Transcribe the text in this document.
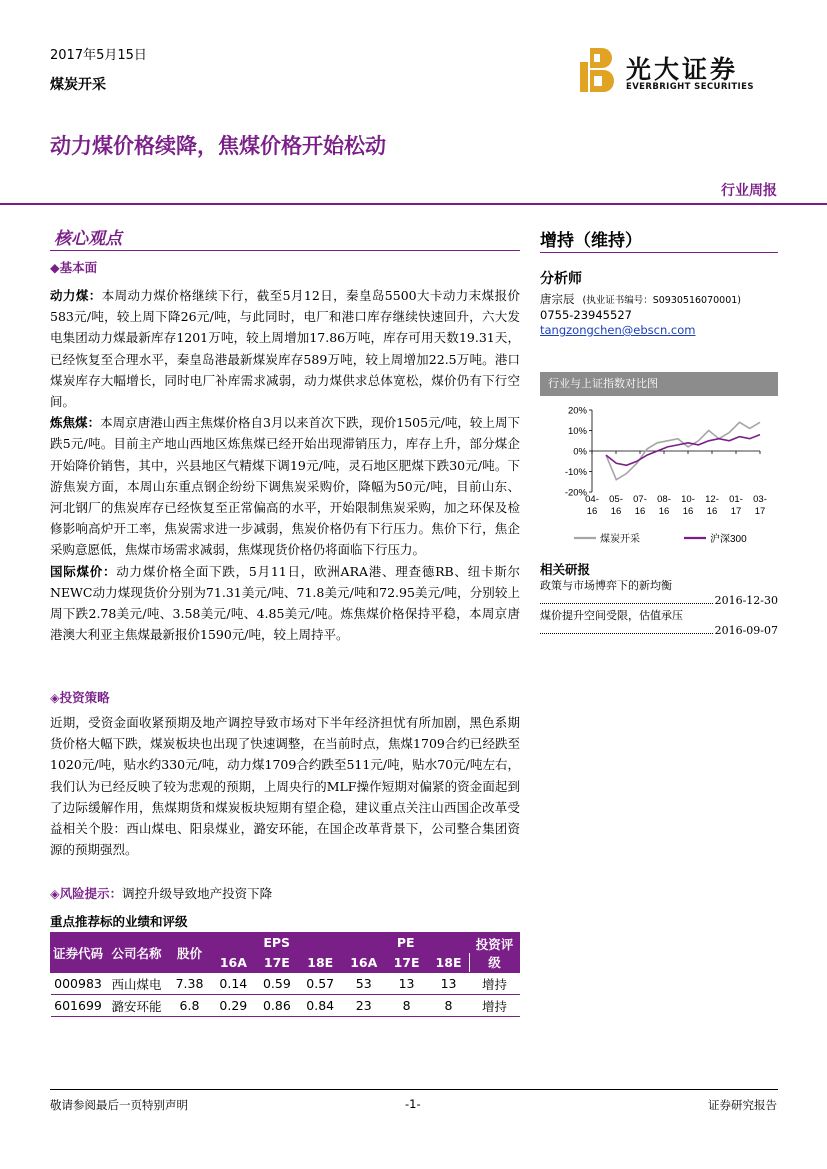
2017年5月15日
煤炭开采
光大证券
EVERBRIGHT SECURITIES
动力煤价格续降，焦煤价格开始松动
行业周报
核心观点
◆基本面

动力煤：本周动力煤价格继续下行，截至5月12日，秦皇岛5500大卡动力末煤报价583元/吨，较上周下降26元/吨，与此同时，电厂和港口库存继续快速回升，六大发电集团动力煤最新库存1201万吨，较上周增加17.86万吨，库存可用天数19.31天，已经恢复至合理水平，秦皇岛港最新煤炭库存589万吨，较上周增加22.5万吨。港口煤炭库存大幅增长，同时电厂补库需求减弱，动力煤供求总体宽松，煤价仍有下行空间。

炼焦煤：本周京唐港山西主焦煤价格自3月以来首次下跌，现价1505元/吨，较上周下跌5元/吨。目前主产地山西地区炼焦煤已经开始出现滞销压力，库存上升，部分煤企开始降价销售，其中，兴县地区气精煤下调19元/吨，灵石地区肥煤下跌30元/吨。下游焦炭方面，本周山东重点钢企纷纷下调焦炭采购价，降幅为50元/吨，目前山东、河北钢厂的焦炭库存已经恢复至正常偏高的水平，开始限制焦炭采购，加之环保及检修影响高炉开工率，焦炭需求进一步减弱，焦炭价格仍有下行压力。焦价下行，焦企采购意愿低，焦煤市场需求减弱，焦煤现货价格仍将面临下行压力。

国际煤价：动力煤价格全面下跌，5月11日，欧洲ARA港、理查德RB、纽卡斯尔NEWC动力煤现货价分别为71.31美元/吨、71.8美元/吨和72.95美元/吨，分别较上周下跌2.78美元/吨、3.58美元/吨、4.85美元/吨。炼焦煤价格保持平稳，本周京唐港澳大利亚主焦煤最新报价1590元/吨，较上周持平。

◈投资策略
近期，受资金面收紧预期及地产调控导致市场对下半年经济担忧有所加剧，黑色系期货价格大幅下跌，煤炭板块也出现了快速调整，在当前时点，焦煤1709合约已经跌至1020元/吨，贴水约330元/吨，动力煤1709合约跌至511元/吨，贴水70元/吨左右，我们认为已经反映了较为悲观的预期，上周央行的MLF操作短期对偏紧的资金面起到了边际缓解作用，焦煤期货和煤炭板块短期有望企稳，建议重点关注山西国企改革受益相关个股：西山煤电、阳泉煤业，潞安环能，在国企改革背景下，公司整合集团资源的预期强烈。
◈风险提示：调控升级导致地产投资下降
增持（维持）
分析师
唐宗辰 (执业证书编号：S0930516070001)
0755-23945527
tangzongchen@ebscn.com
行业与上证指数对比图
20%
10%
0%
-10%
-20%
04-
16
05-
16
07-
16
08-
16
10-
16
12-
16
01-
17
03-
17
煤炭开采	沪深300
相关研报
政策与市场博弈下的新均衡
2016-12-30
煤价提升空间受限，估值承压
2016-09-07
重点推荐标的业绩和评级
证券代码	公司名称	股价	EPS			PE			投资评级
			16A	17E	18E	16A	17E	18E	
000983	西山煤电	7.38	0.14	0.59	0.57	53	13	13	增持
601699	潞安环能	6.8	0.29	0.86	0.84	23	8	8	增持
敬请参阅最后一页特别声明	-1-	证券研究报告
